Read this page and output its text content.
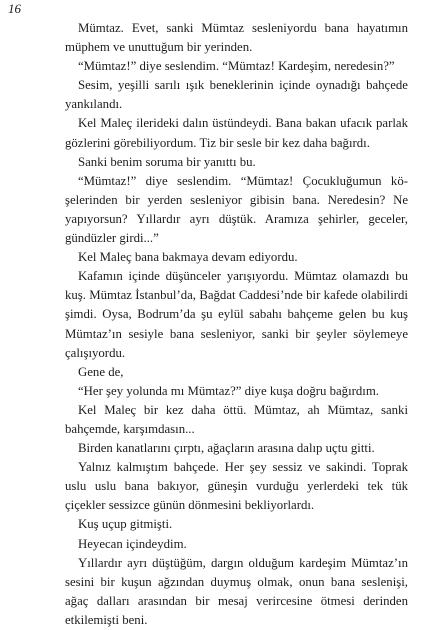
16

Mümtaz. Evet, sanki Mümtaz sesleniyordu bana hayatımın müphem ve unuttuğum bir yerinden.

“Mümtaz!” diye seslendim. “Mümtaz! Kardeşim, neredesin?”

Sesim, yeşilli sarılı ışık beneklerinin içinde oynadığı bahçede yankılandı.

Kel Maleç ilerideki dalın üstündeydi. Bana bakan ufacık parlak gözlerini görebiliyordum. Tiz bir sesle bir kez daha bağırdı.

Sanki benim soruma bir yanıttı bu.

“Mümtaz!” diye seslendim. “Mümtaz! Çocukluğumun köşelerinden bir yerden sesleniyor gibisin bana. Neredesin? Ne yapıyorsun? Yıllardır ayrı düştük. Aramıza şehirler, geceler, gündüzler girdi...”

Kel Maleç bana bakmaya devam ediyordu.

Kafamın içinde düşünceler yarışıyordu. Mümtaz olamazdı bu kuş. Mümtaz İstanbul’da, Bağdat Caddesi’nde bir kafede olabilirdi şimdi. Oysa, Bodrum’da şu eylül sabahı bahçeme gelen bu kuş Mümtaz’ın sesiyle bana sesleniyor, sanki bir şeyler söylemeye çalışıyordu.

Gene de,

“Her şey yolunda mı Mümtaz?” diye kuşa doğru bağırdım.

Kel Maleç bir kez daha öttü. Mümtaz, ah Mümtaz, sanki bahçemde, karşımdasın...

Birden kanatlarını çırptı, ağaçların arasına dalıp uçtu gitti.

Yalnız kalmıştım bahçede. Her şey sessiz ve sakindi. Toprak uslu uslu bana bakıyor, güneşin vurduğu yerlerdeki tek tük çiçekler sessizce günün dönmesini bekliyorlardı.

Kuş uçup gitmişti.

Heyecan içindeydim.

Yıllardır ayrı düştüğüm, dargın olduğum kardeşim Mümtaz’ın sesini bir kuşun ağzından duymuş olmak, onun bana seslenişi, ağaç dalları arasından bir mesaj verircesine ötmesi derinden etkilemişti beni.
